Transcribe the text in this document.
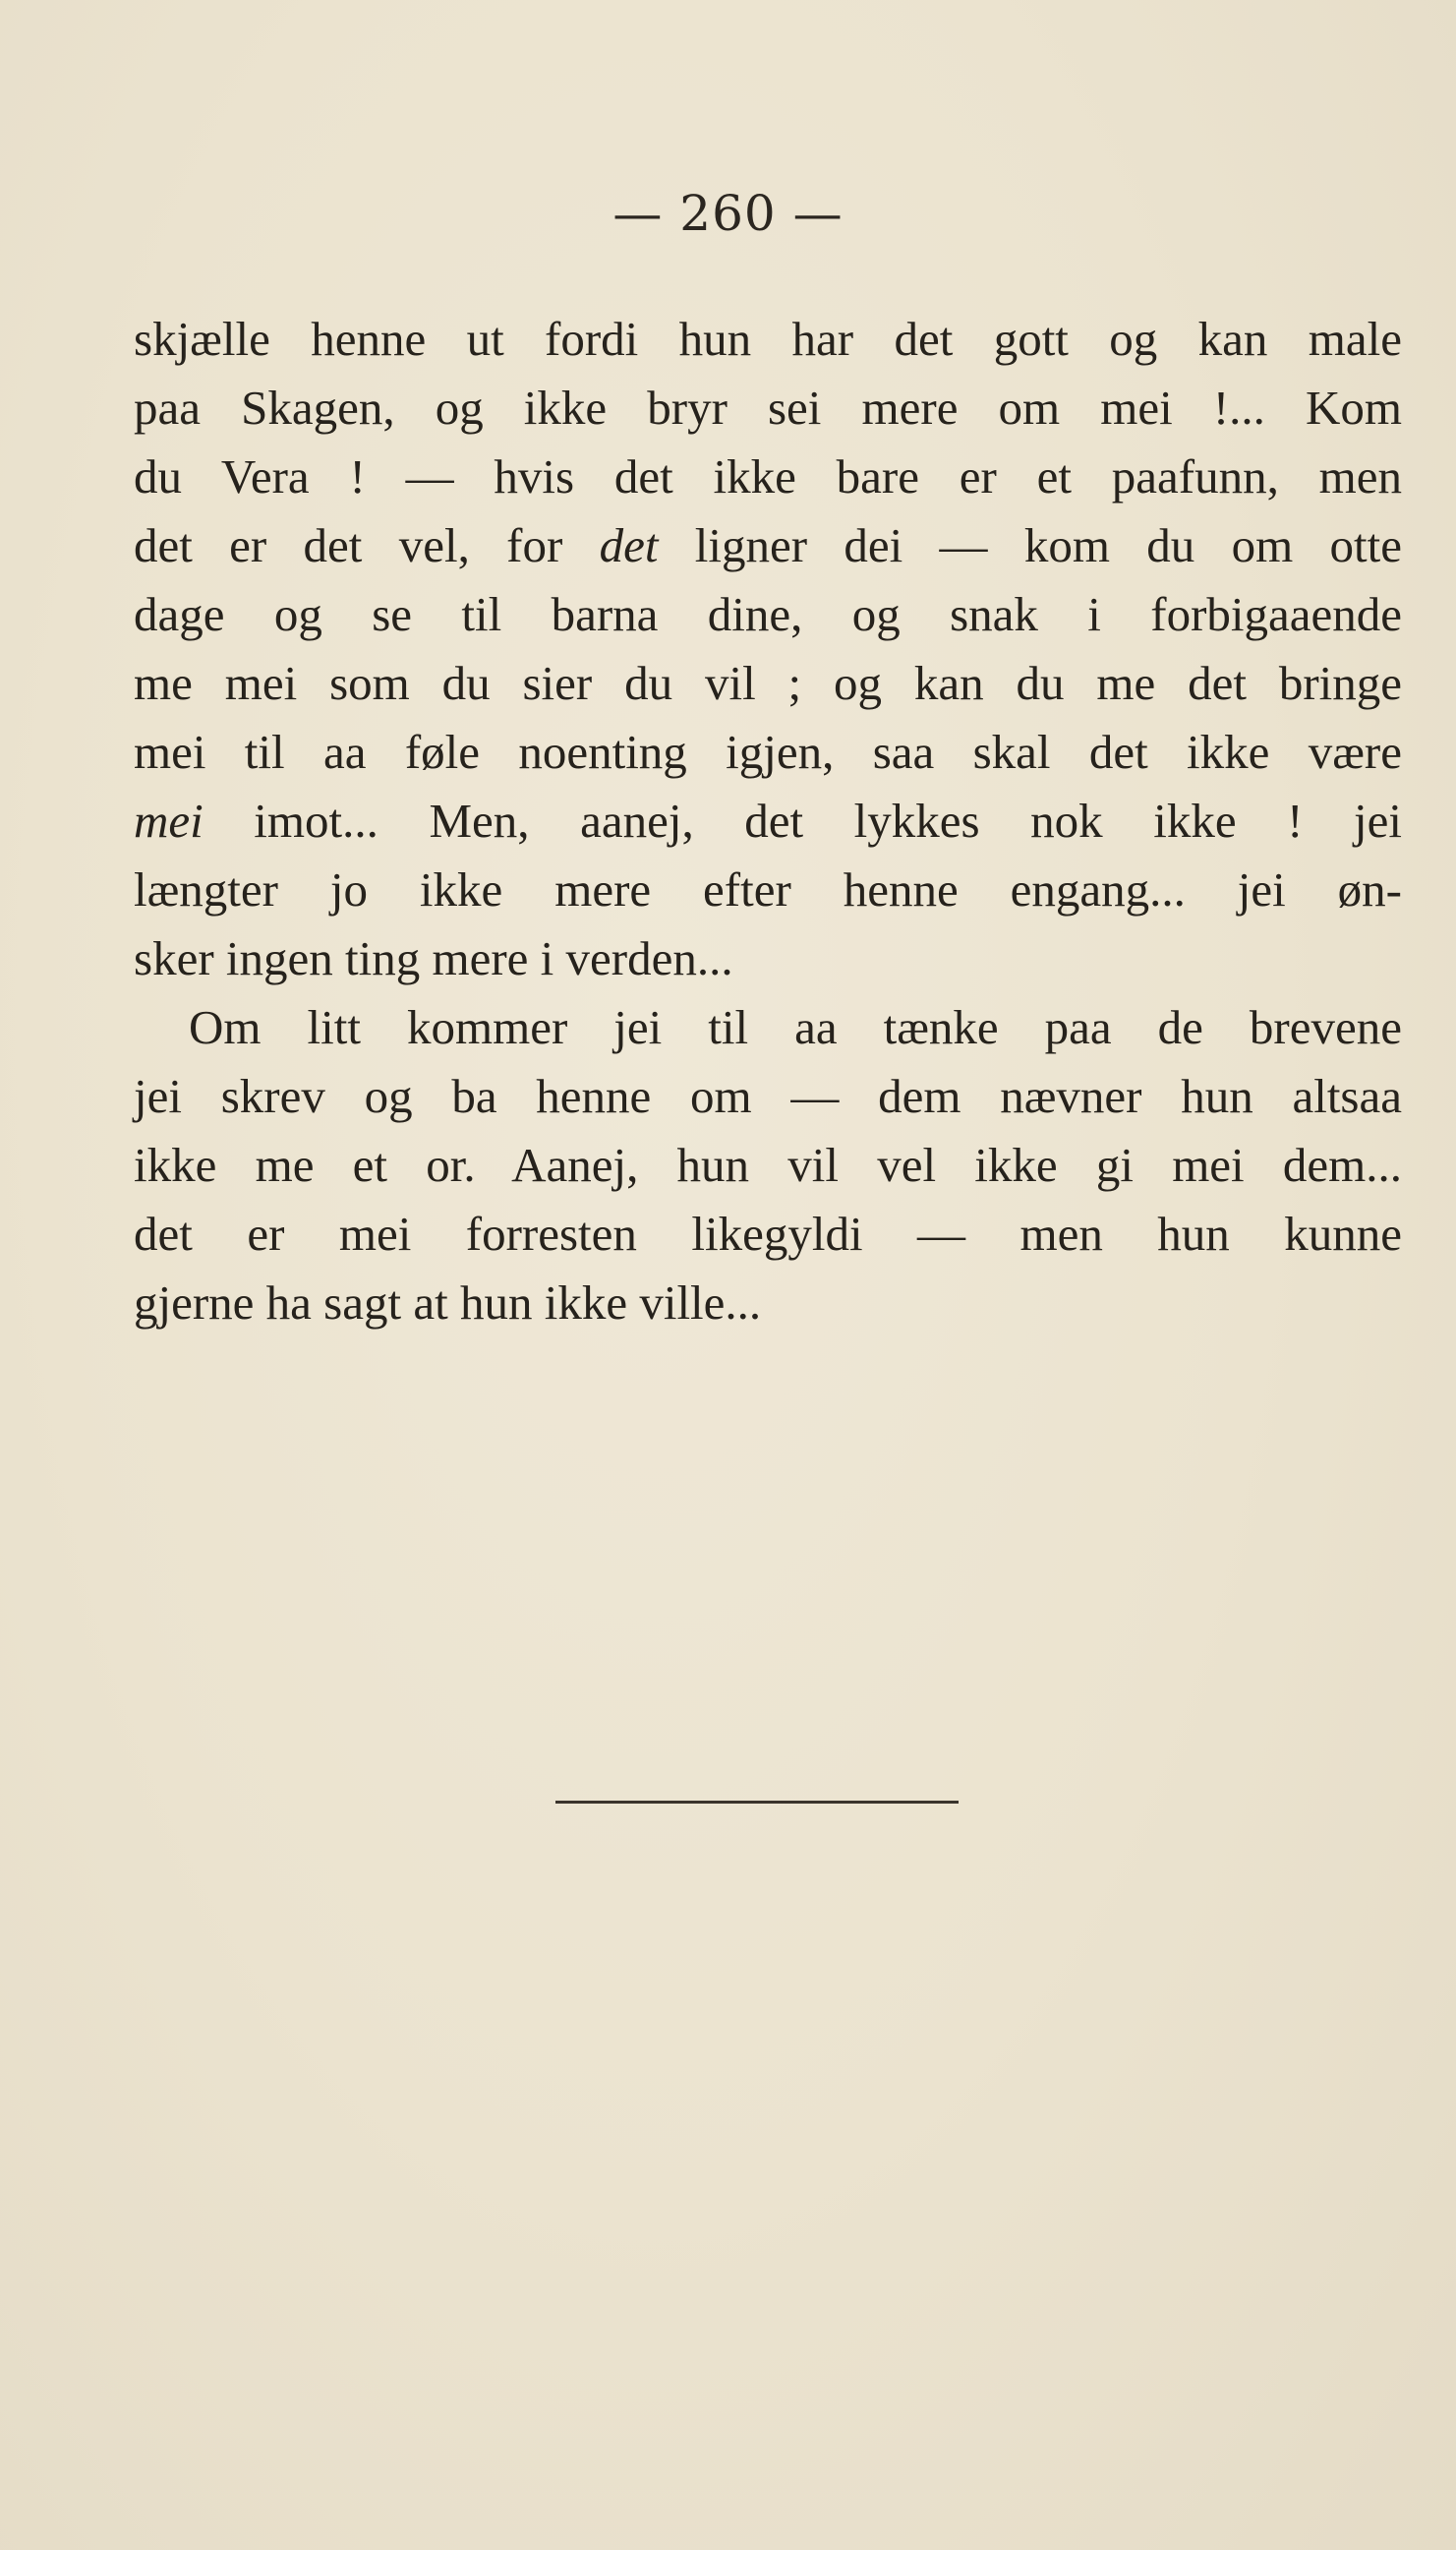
— 260 —
skjælle henne ut fordi hun har det gott og kan male
paa Skagen, og ikke bryr sei mere om mei !... Kom
du Vera ! — hvis det ikke bare er et paafunn, men
det er det vel, for det ligner dei — kom du om otte
dage og se til barna dine, og snak i forbigaaende
me mei som du sier du vil ; og kan du me det bringe
mei til aa føle noenting igjen, saa skal det ikke være
mei imot... Men, aanej, det lykkes nok ikke ! jei
længter jo ikke mere efter henne engang... jei øn-
sker ingen ting mere i verden...
Om litt kommer jei til aa tænke paa de brevene
jei skrev og ba henne om — dem nævner hun altsaa
ikke me et or. Aanej, hun vil vel ikke gi mei dem...
det er mei forresten likegyldi — men hun kunne
gjerne ha sagt at hun ikke ville...
